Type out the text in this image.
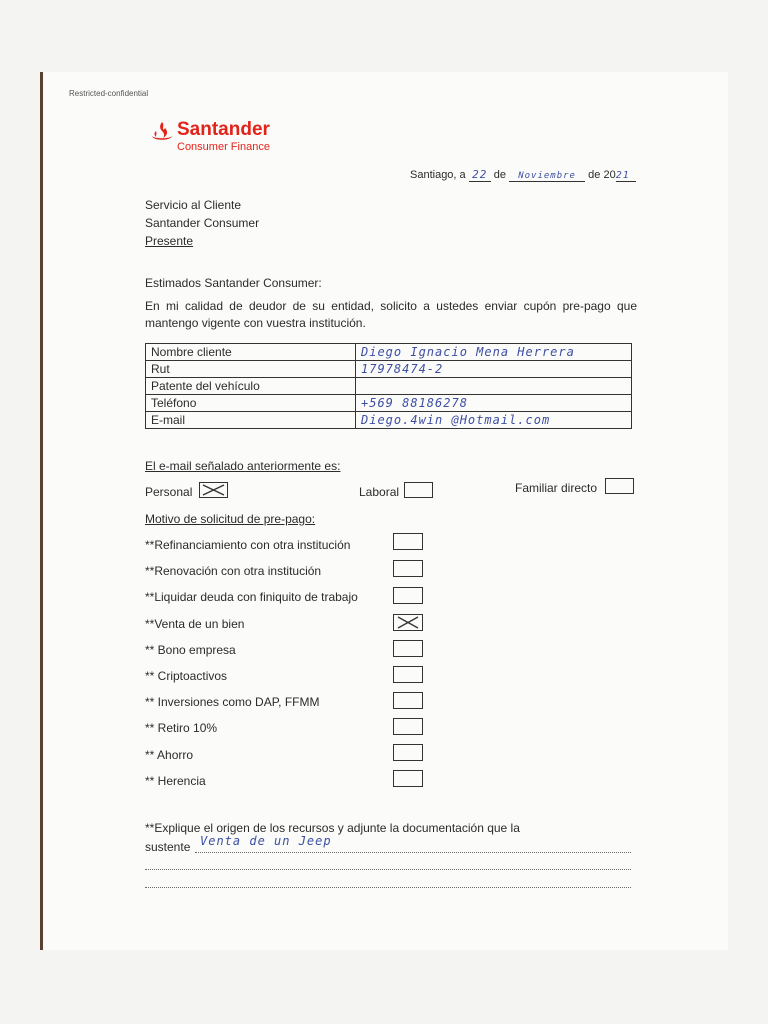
Restricted-confidential
Santander
Consumer Finance
Santiago, a 22 de Noviembre de 2021
Servicio al Cliente
Santander Consumer
Presente
Estimados Santander Consumer:
En mi calidad de deudor de su entidad, solicito a ustedes enviar cupón pre-pago que mantengo vigente con vuestra institución.
Nombre cliente	Diego Ignacio Mena Herrera
Rut	17978474-2
Patente del vehículo	
Teléfono	+569 88186278
E-mail	Diego.4win @Hotmail.com
El e-mail señalado anteriormente es:
Personal	Laboral	Familiar directo
Motivo de solicitud de pre-pago:
**Refinanciamiento con otra institución
**Renovación con otra institución
**Liquidar deuda con finiquito de trabajo
**Venta de un bien
** Bono empresa
** Criptoactivos
** Inversiones como DAP, FFMM
** Retiro 10%
** Ahorro
** Herencia
**Explique el origen de los recursos y adjunte la documentación que la
sustente Venta de un Jeep
